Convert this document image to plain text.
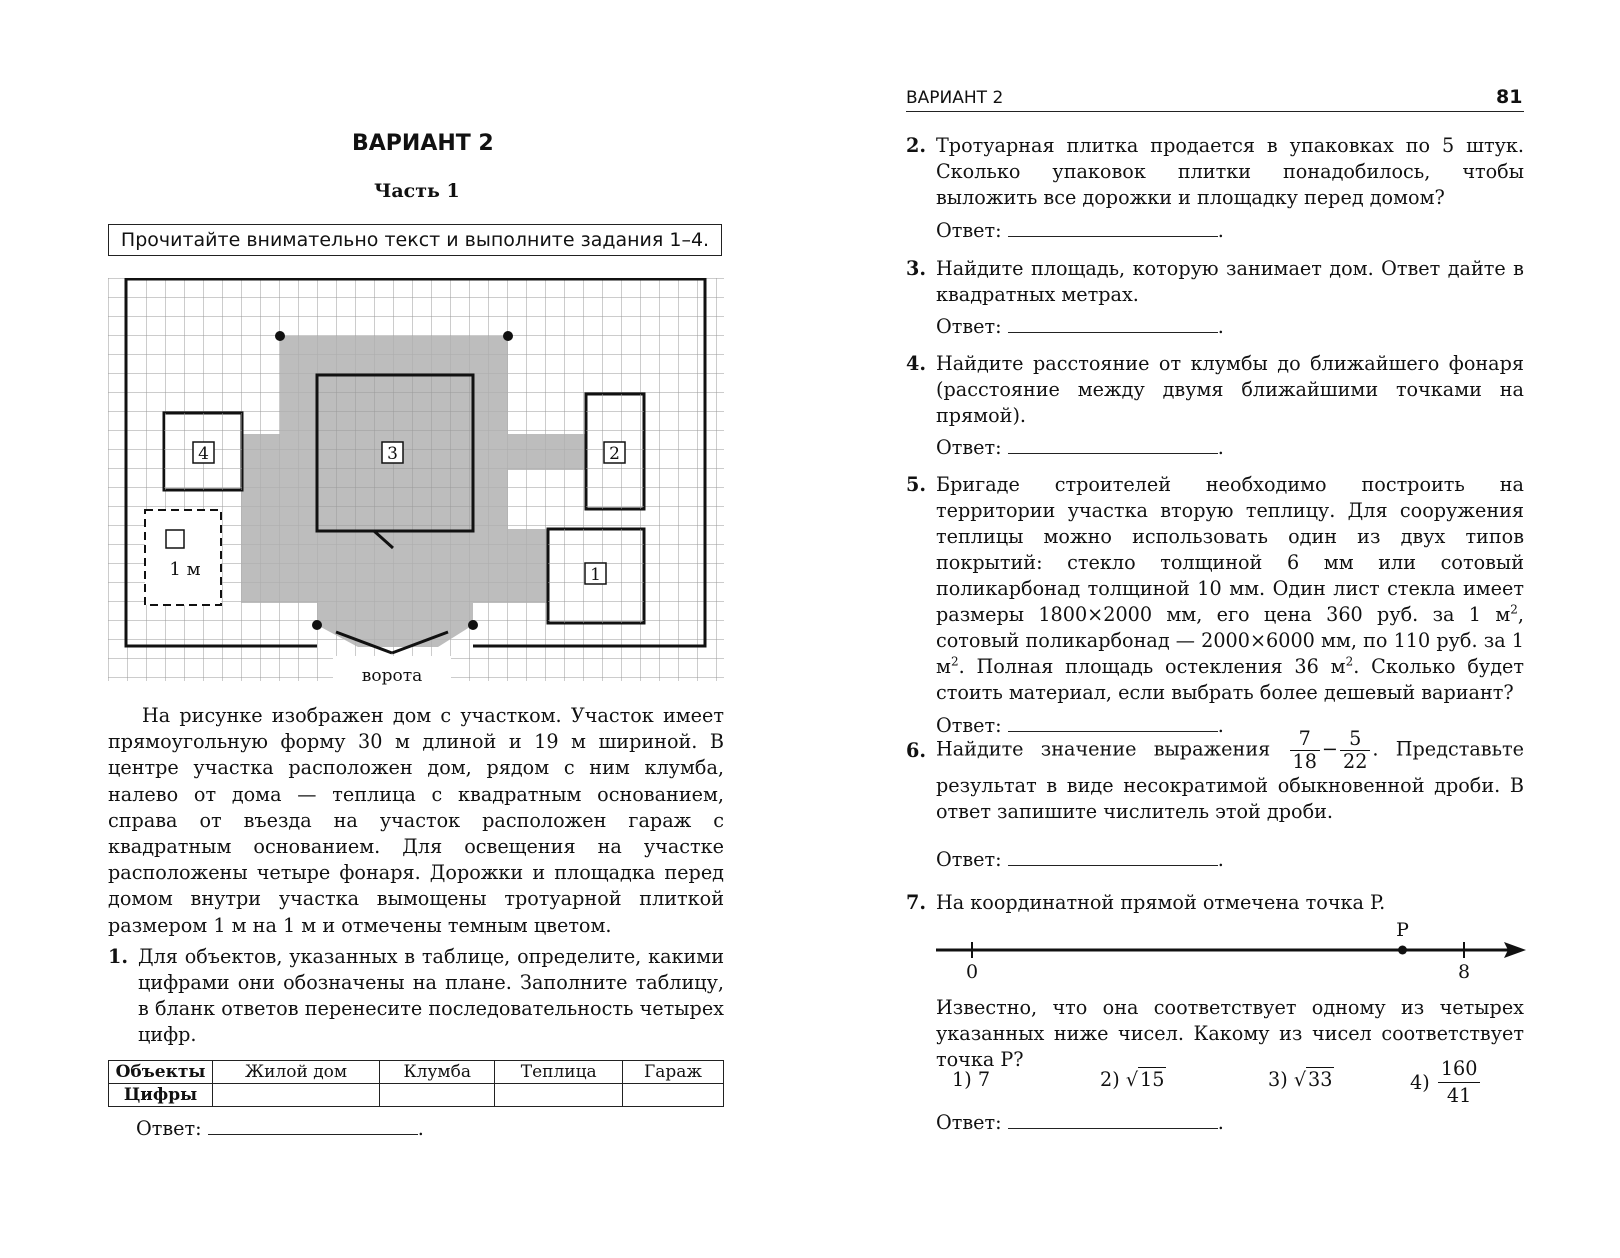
ВАРИАНТ 2
Часть 1
Прочитайте внимательно текст и выполните задания 1–4.
1 м
ворота
4	3	2
1

На рисунке изображен дом с участком. Участок имеет прямоугольную форму 30 м длиной и 19 м шириной. В центре участка расположен дом, рядом с ним клумба, налево от дома — теплица с квадратным основанием, справа от въезда на участок расположен гараж с квадратным основанием. Для освещения на участке расположены четыре фонаря. Дорожки и площадка перед домом внутри участка вымощены тротуарной плиткой размером 1 м на 1 м и отмечены темным цветом.

1. Для объектов, указанных в таблице, определите, какими цифрами они обозначены на плане. Заполните таблицу, в бланк ответов перенесите последовательность четырех цифр.
Объекты	Жилой дом	Клумба	Теплица	Гараж
Цифры				
Ответ:	.
ВАРИАНТ 2	81
2. Тротуарная плитка продается в упаковках по 5 штук. Сколько упаковок плитки понадобилось, чтобы выложить все дорожки и площадку перед домом?
Ответ:	.
3. Найдите площадь, которую занимает дом. Ответ дайте в квадратных метрах.
Ответ:	.
4. Найдите расстояние от клумбы до ближайшего фонаря (расстояние между двумя ближайшими точками на прямой).
Ответ:	.
5. Бригаде строителей необходимо построить на территории участка вторую теплицу. Для сооружения теплицы можно использовать один из двух типов покрытий: стекло толщиной 6 мм или сотовый поликарбонад толщиной 10 мм. Один лист стекла имеет размеры 1800×2000 мм, его цена 360 руб. за 1 $м^2$, сотовый поликарбонад — 2000×6000 мм, по 110 руб. за 1 $м^2$. Полная площадь остекления 36 $м^2$. Сколько будет стоить материал, если выбрать более дешевый вариант?
Ответ:	.
6. Найдите значение выражения $\frac{7}{18} - \frac{5}{22}$ . Представьте результат в виде несократимой обыкновенной дроби. В ответ запишите числитель этой дроби.
Ответ:	.
7. На координатной прямой отмечена точка P.
P
0	8
Известно, что она соответствует одному из четырех указанных ниже чисел. Какому из чисел соответствует точка P?
1) 7	2) √ 15	3) √ 33	$4) \frac{160}{41}$
Ответ:	.
